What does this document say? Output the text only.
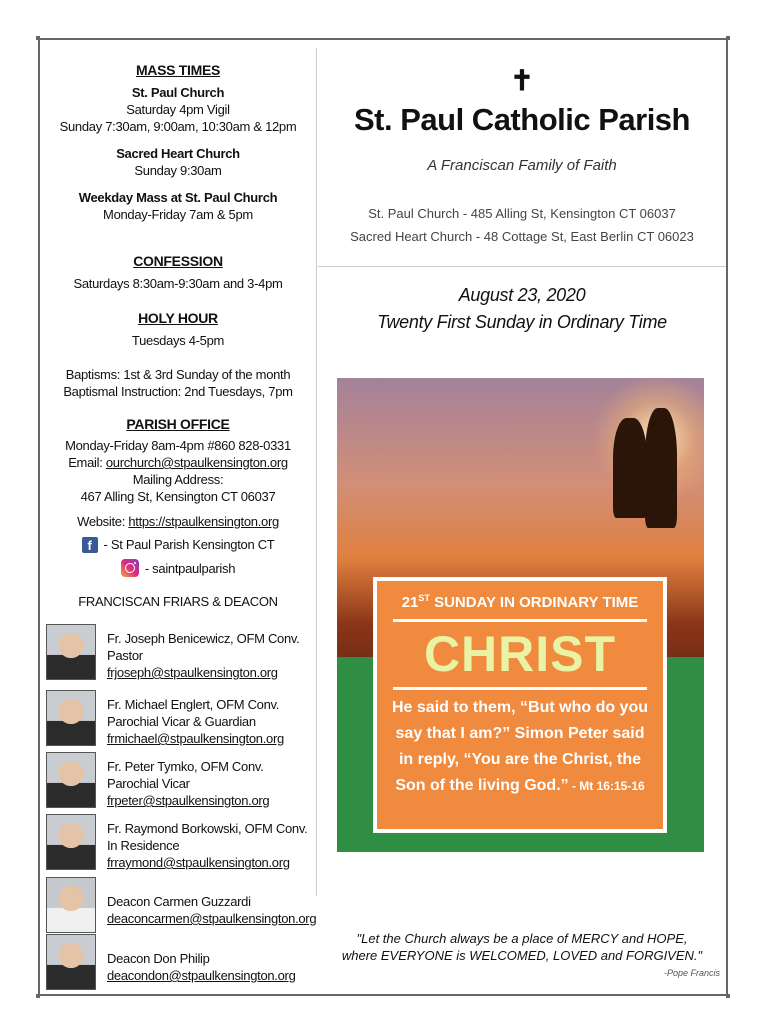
MASS TIMES
St. Paul Church
Saturday 4pm Vigil
Sunday 7:30am, 9:00am, 10:30am & 12pm
Sacred Heart Church
Sunday 9:30am
Weekday Mass at St. Paul Church
Monday-Friday 7am & 5pm
CONFESSION
Saturdays 8:30am-9:30am and 3-4pm
HOLY HOUR
Tuesdays 4-5pm
Baptisms: 1st & 3rd Sunday of the month
Baptismal Instruction: 2nd Tuesdays, 7pm
PARISH OFFICE
Monday-Friday 8am-4pm #860 828-0331
Email: ourchurch@stpaulkensington.org
Mailing Address:
467 Alling St, Kensington CT 06037
Website: https://stpaulkensington.org
f - St Paul Parish Kensington CT
- saintpaulparish
FRANCISCAN FRIARS & DEACON
Fr. Joseph Benicewicz, OFM Conv.
Pastor
frjoseph@stpaulkensington.org
Fr. Michael Englert, OFM Conv.
Parochial Vicar & Guardian
frmichael@stpaulkensington.org
Fr. Peter Tymko, OFM Conv.
Parochial Vicar
frpeter@stpaulkensington.org
Fr. Raymond Borkowski, OFM Conv.
In Residence
frraymond@stpaulkensington.org
Deacon Carmen Guzzardi
deaconcarmen@stpaulkensington.org
Deacon Don Philip
deacondon@stpaulkensington.org
✝
St. Paul Catholic Parish
A Franciscan Family of Faith
St. Paul Church - 485 Alling St, Kensington CT 06037
Sacred Heart Church - 48 Cottage St, East Berlin CT 06023
August 23, 2020
Twenty First Sunday in Ordinary Time
21ST SUNDAY IN ORDINARY TIME
CHRIST
He said to them, “But who do you say that I am?” Simon Peter said in reply, “You are the Christ, the Son of the living God.” - Mt 16:15-16
"Let the Church always be a place of MERCY and HOPE,
where EVERYONE is WELCOMED, LOVED and FORGIVEN."
-Pope Francis
